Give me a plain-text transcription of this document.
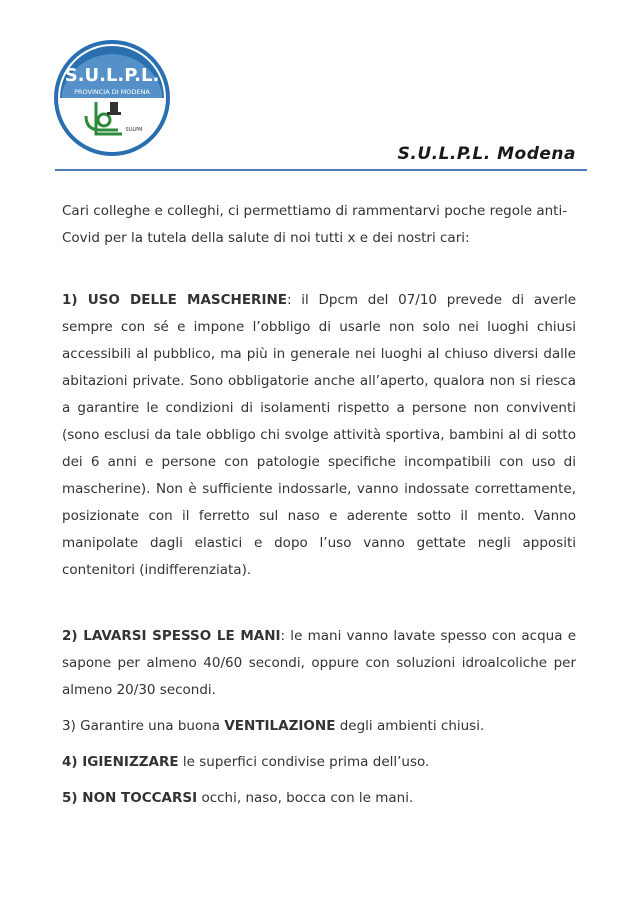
S.U.L.P.L.
PROVINCIA DI MODENA
SULPM
S.U.L.P.L. Modena

Cari colleghe e colleghi, ci permettiamo di rammentarvi poche regole anti-Covid per la tutela della salute di noi tutti x e dei nostri cari:

1) USO DELLE MASCHERINE: il Dpcm del 07/10 prevede di averle sempre con sé e impone l’obbligo di usarle non solo nei luoghi chiusi accessibili al pubblico, ma più in generale nei luoghi al chiuso diversi dalle abitazioni private. Sono obbligatorie anche all’aperto, qualora non si riesca a garantire le condizioni di isolamenti rispetto a persone non conviventi (sono esclusi da tale obbligo chi svolge attività sportiva, bambini al di sotto dei 6 anni e persone con patologie specifiche incompatibili con uso di mascherine). Non è sufficiente indossarle, vanno indossate correttamente, posizionate con il ferretto sul naso e aderente sotto il mento. Vanno manipolate dagli elastici e dopo l’uso vanno gettate negli appositi contenitori (indifferenziata).

2) LAVARSI SPESSO LE MANI: le mani vanno lavate spesso con acqua e sapone per almeno 40/60 secondi, oppure con soluzioni idroalcoliche per almeno 20/30 secondi.

3) Garantire una buona VENTILAZIONE degli ambienti chiusi.

4) IGIENIZZARE le superfici condivise prima dell’uso.

5) NON TOCCARSI occhi, naso, bocca con le mani.
